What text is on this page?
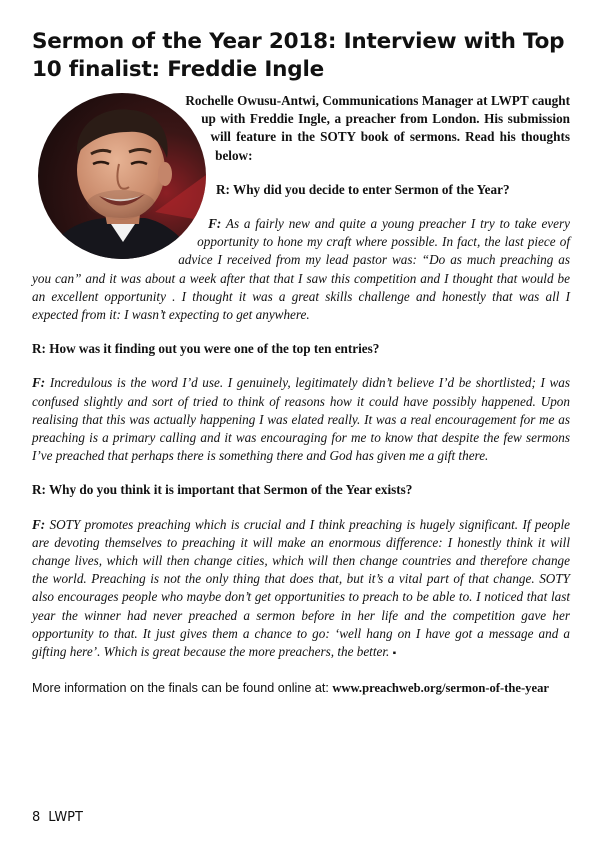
Sermon of the Year 2018: Interview with Top 10 finalist: Freddie Ingle

Rochelle Owusu-Antwi, Communications Manager at LWPT caught up with Freddie Ingle, a preacher from London. His submission will feature in the SOTY book of sermons. Read his thoughts below:

R: Why did you decide to enter Sermon of the Year?

F: As a fairly new and quite a young preacher I try to take every opportunity to hone my craft where possible. In fact, the last piece of advice I received from my lead pastor was: “Do as much preaching as you can” and it was about a week after that that I saw this competition and I thought that would be an excellent opportunity . I thought it was a great skills challenge and honestly that was all I expected from it: I wasn’t expecting to get anywhere.

R: How was it finding out you were one of the top ten entries?

F: Incredulous is the word I’d use. I genuinely, legitimately didn’t believe I’d be shortlisted; I was confused slightly and sort of tried to think of reasons how it could have possibly happened. Upon realising that this was actually happening I was elated really. It was a real encouragement for me as preaching is a primary calling and it was encouraging for me to know that despite the few sermons I’ve preached that perhaps there is something there and God has given me a gift there.

R: Why do you think it is important that Sermon of the Year exists?

F: SOTY promotes preaching which is crucial and I think preaching is hugely significant. If people are devoting themselves to preaching it will make an enormous difference: I honestly think it will change lives, which will then change cities, which will then change countries and therefore change the world. Preaching is not the only thing that does that, but it’s a vital part of that change. SOTY also encourages people who maybe don’t get opportunities to preach to be able to. I noticed that last year the winner had never preached a sermon before in her life and the competition gave her opportunity to that. It just gives them a chance to go: ‘well hang on I have got a message and a gifting here’. Which is great because the more preachers, the better. ▪

More information on the finals can be found online at: www.preachweb.org/sermon-of-the-year

8 LWPT
